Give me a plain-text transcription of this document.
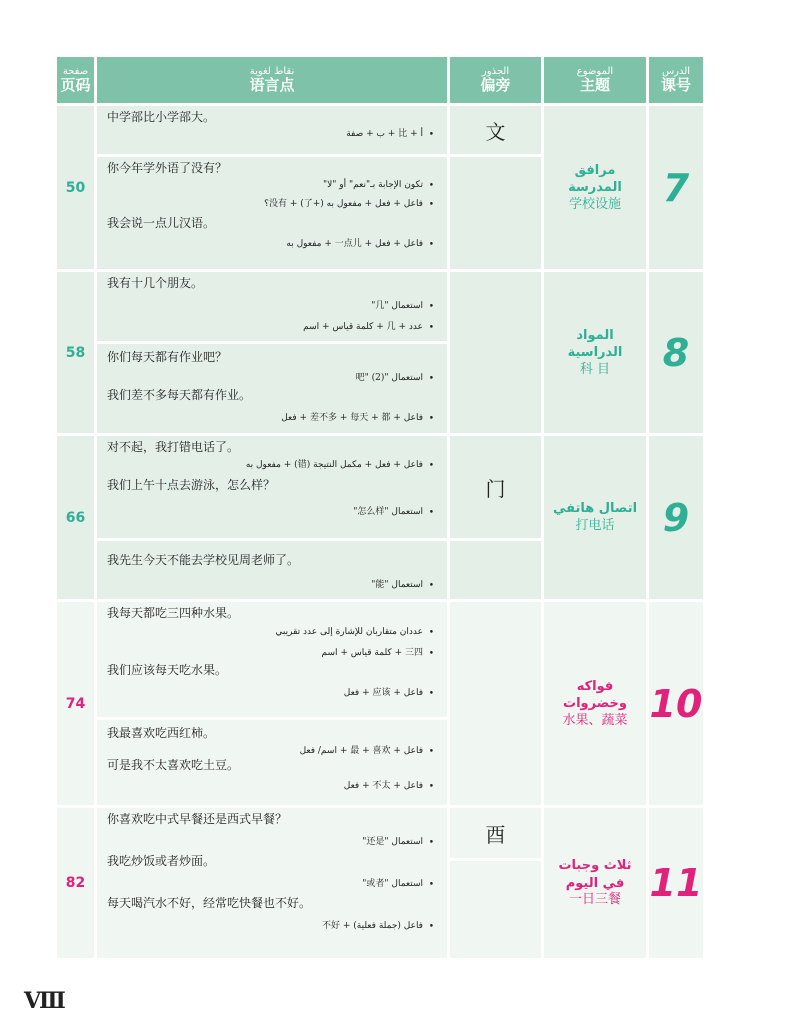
صفحة
页码
نقاط لغوية
语言点
الجذور
偏旁
الموضوع
主题
الدرس
课号
50
中学部比小学部大。
أ + 比 + ب + صفة •
你今年学外语了没有？
تكون الإجابة بـ"نعم" أو "لا" •
فاعل + فعل + مفعول به (+了) + 没有؟ •
我会说一点儿汉语。
فاعل + فعل + 一点儿 + مفعول به •
文
مرافق المدرسة
学校设施 7
58
我有十几个朋友。
استعمال "几" •
عدد + 几 + كلمة قياس + اسم •
你们每天都有作业吧？
استعمال "吧" (2) •
我们差不多每天都有作业。
فاعل + 差不多 + 每天 + 都 + فعل •
المواد الدراسية
科 目 8
66
对不起，我打错电话了。
فاعل + فعل + مكمل النتيجة (错) + مفعول به •
我们上午十点去游泳，怎么样？
استعمال "怎么样" •
我先生今天不能去学校见周老师了。
استعمال "能" •
门
اتصال هاتفي
打电话 9
74
我每天都吃三四种水果。
عددان متقاربان للإشارة إلى عدد تقريبي •
三四 + كلمة قياس + اسم •
我们应该每天吃水果。
فاعل + 应该 + فعل •
我最喜欢吃西红柿。
فاعل + 最 + 喜欢 + اسم/ فعل •
可是我不太喜欢吃土豆。
فاعل + 不太 + فعل •
فواكه وخضروات
水果、蔬菜 10
82
你喜欢吃中式早餐还是西式早餐？
استعمال "还是" •
我吃炒饭或者炒面。
استعمال "或者" •
每天喝汽水不好，经常吃快餐也不好。
فاعل (جملة فعلية) + 不好 •
酉
ثلاث وجبات في اليوم
一日三餐 11
Ⅷ
